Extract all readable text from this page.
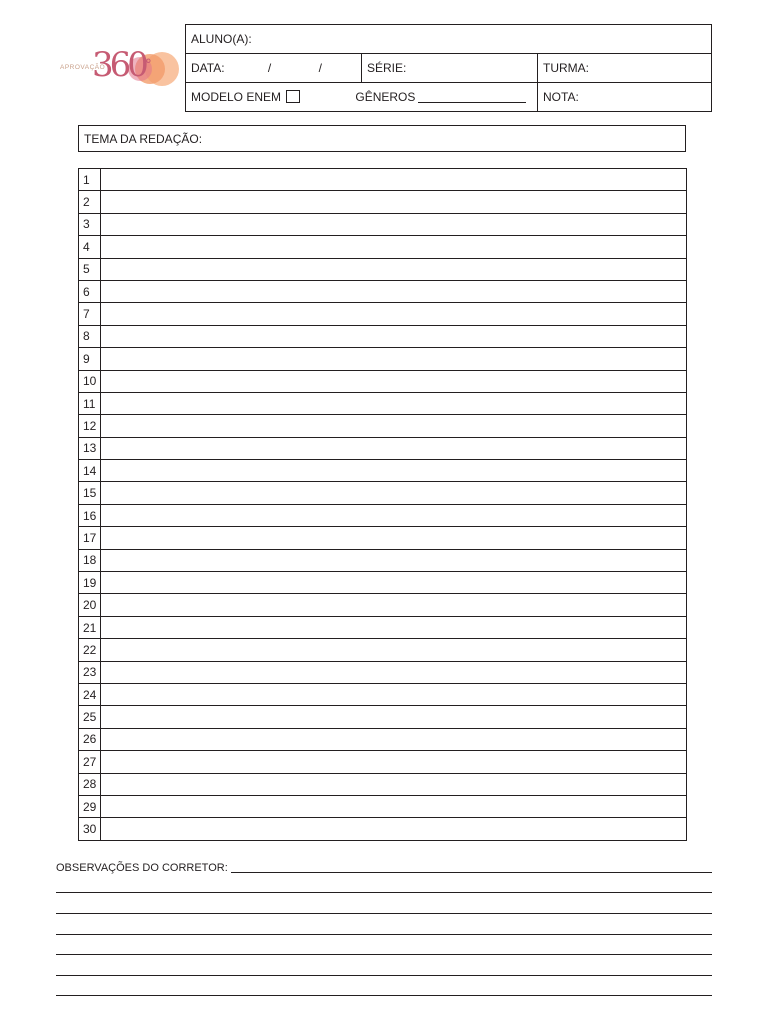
APROVAÇÃO
360°
ALUNO(A):		
DATA: / /	SÉRIE:	TURMA:
MODELO ENEM GÊNEROS		NOTA:
TEMA DA REDAÇÃO:
1	
2	
3	
4	
5	
6	
7	
8	
9	
10	
11	
12	
13	
14	
15	
16	
17	
18	
19	
20	
21	
22	
23	
24	
25	
26	
27	
28	
29	
30	
OBSERVAÇÕES DO CORRETOR:
